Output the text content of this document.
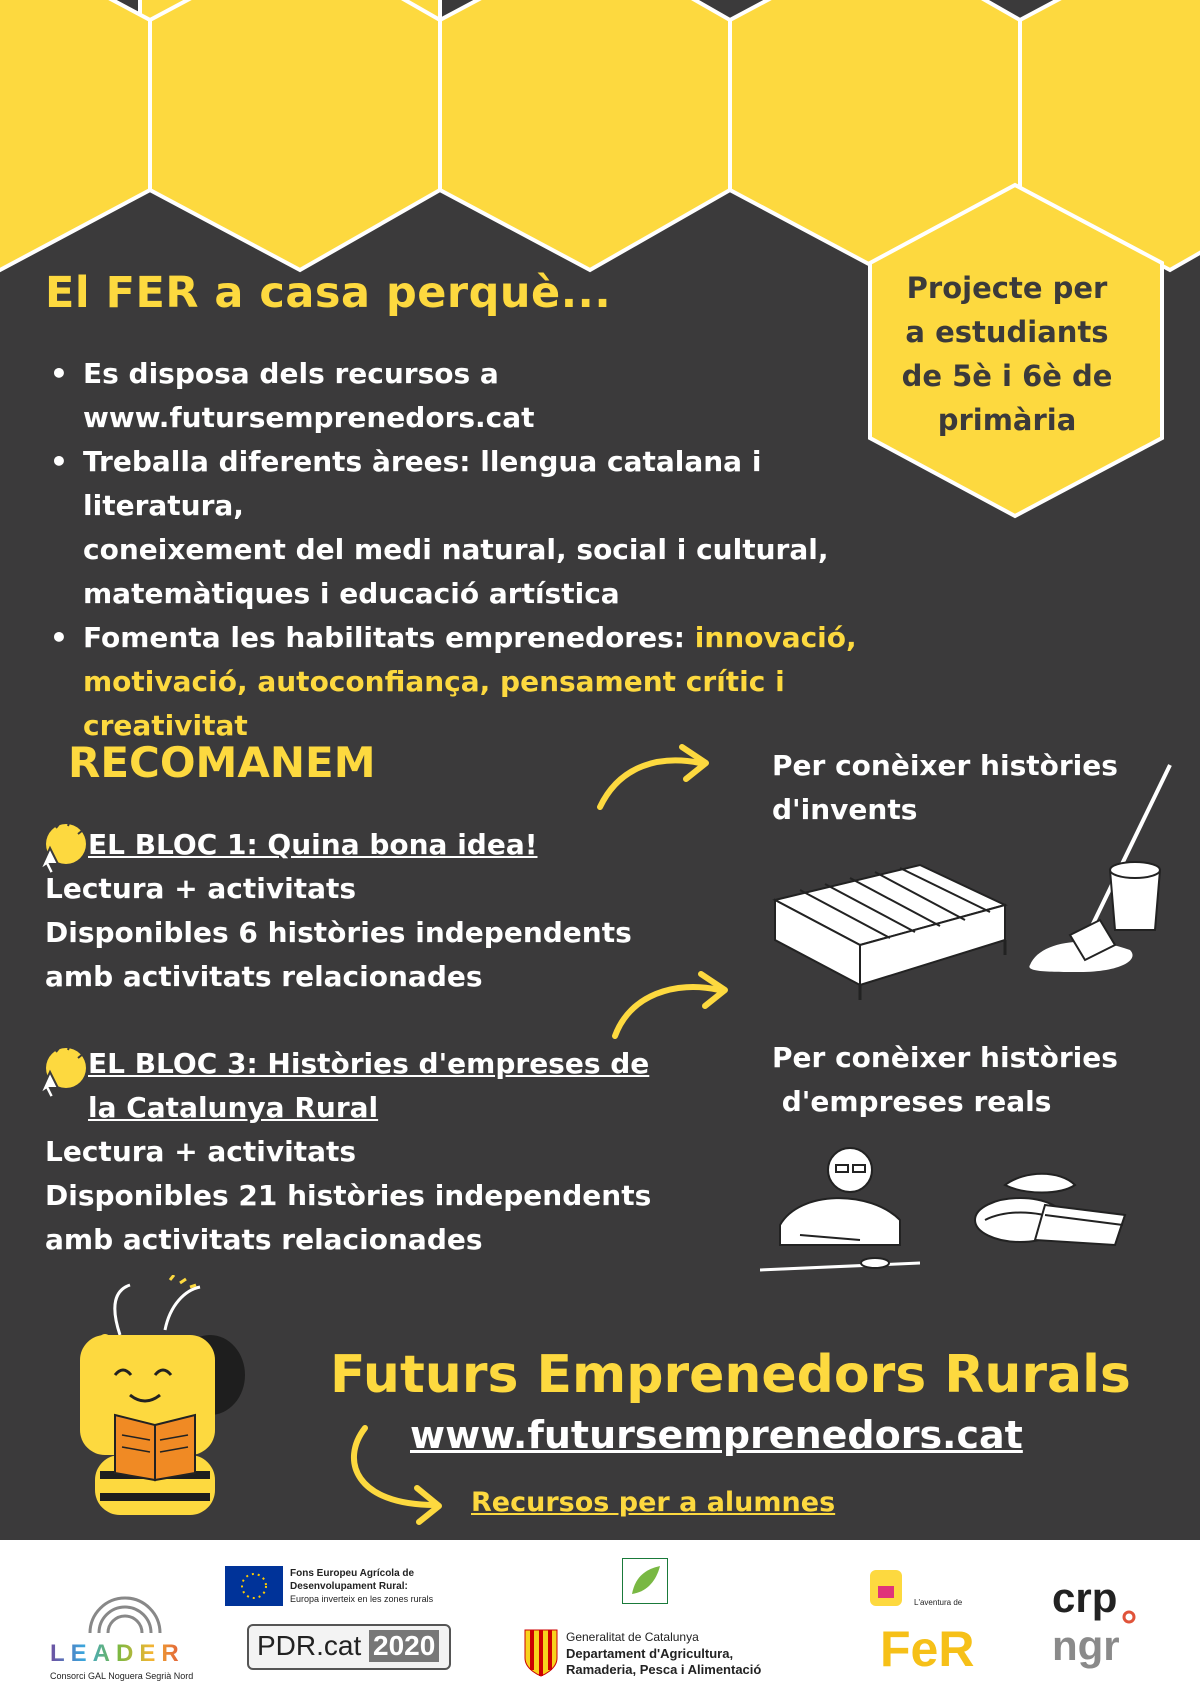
El FER a casa perquè...	Projecte per
a estudiants
de 5è i 6è de
primària
• Es disposa dels recursos a
www.futursemprenedors.cat
• Treballa diferents àrees: llengua catalana i literatura,
coneixement del medi natural, social i cultural,
matemàtiques i educació artística
• Fomenta les habilitats emprenedores: innovació,
motivació, autoconfiança, pensament crític i
creativitat
RECOMANEM
EL BLOC 1: Quina bona idea!
Lectura + activitats
Disponibles 6 històries independents
amb activitats relacionades
EL BLOC 3: Històries d'empreses de
la Catalunya Rural
Lectura + activitats
Disponibles 21 històries independents
amb activitats relacionades
Per conèixer històries
d'invents
Per conèixer històries
d'empreses reals
Futurs Emprenedors Rurals
www.futursemprenedors.cat
Recursos per a alumnes
LEADER
Consorci GAL Noguera Segrià Nord
Fons Europeu Agrícola de
Desenvolupament Rural:
Europa inverteix en les zones rurals
PDR.cat 2020	Generalitat de Catalunya
Departament d'Agricultura,
Ramaderia, Pesca i Alimentació
L'aventura de
FeR
crp
ngr
